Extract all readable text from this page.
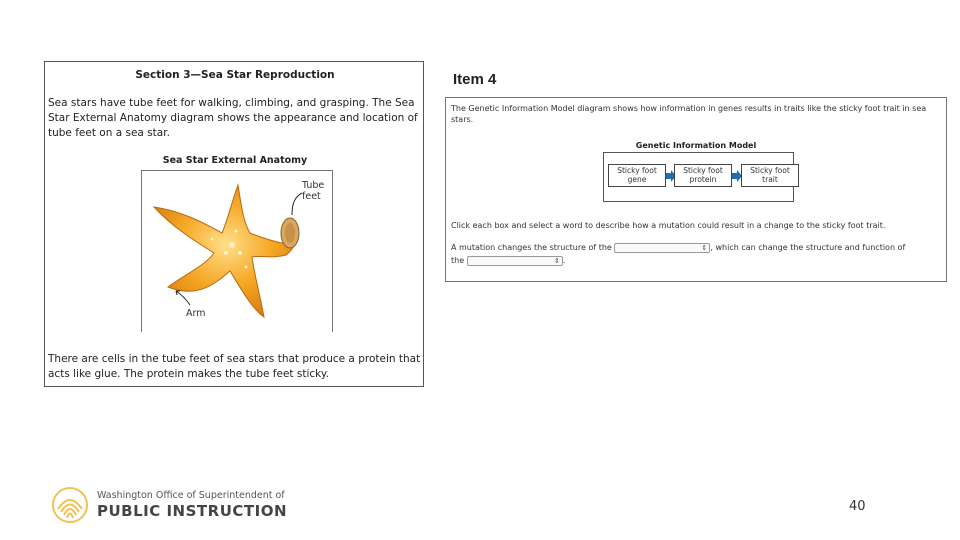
Section 3—Sea Star Reproduction
Sea stars have tube feet for walking, climbing, and grasping. The Sea Star External Anatomy diagram shows the appearance and location of tube feet on a sea star.
Sea Star External Anatomy
Tube
feet
Arm
There are cells in the tube feet of sea stars that produce a protein that acts like glue. The protein makes the tube feet sticky.
Item 4
The Genetic Information Model diagram shows how information in genes results in traits like the sticky foot trait in sea stars.
Genetic Information Model
Sticky foot
gene
Sticky foot
protein
Sticky foot
trait
Click each box and select a word to describe how a mutation could result in a change to the sticky foot trait.
A mutation changes the structure of the	⇕ , which can change the structure and function of
the	⇕ .
Washington Office of Superintendent of
PUBLIC INSTRUCTION	40
